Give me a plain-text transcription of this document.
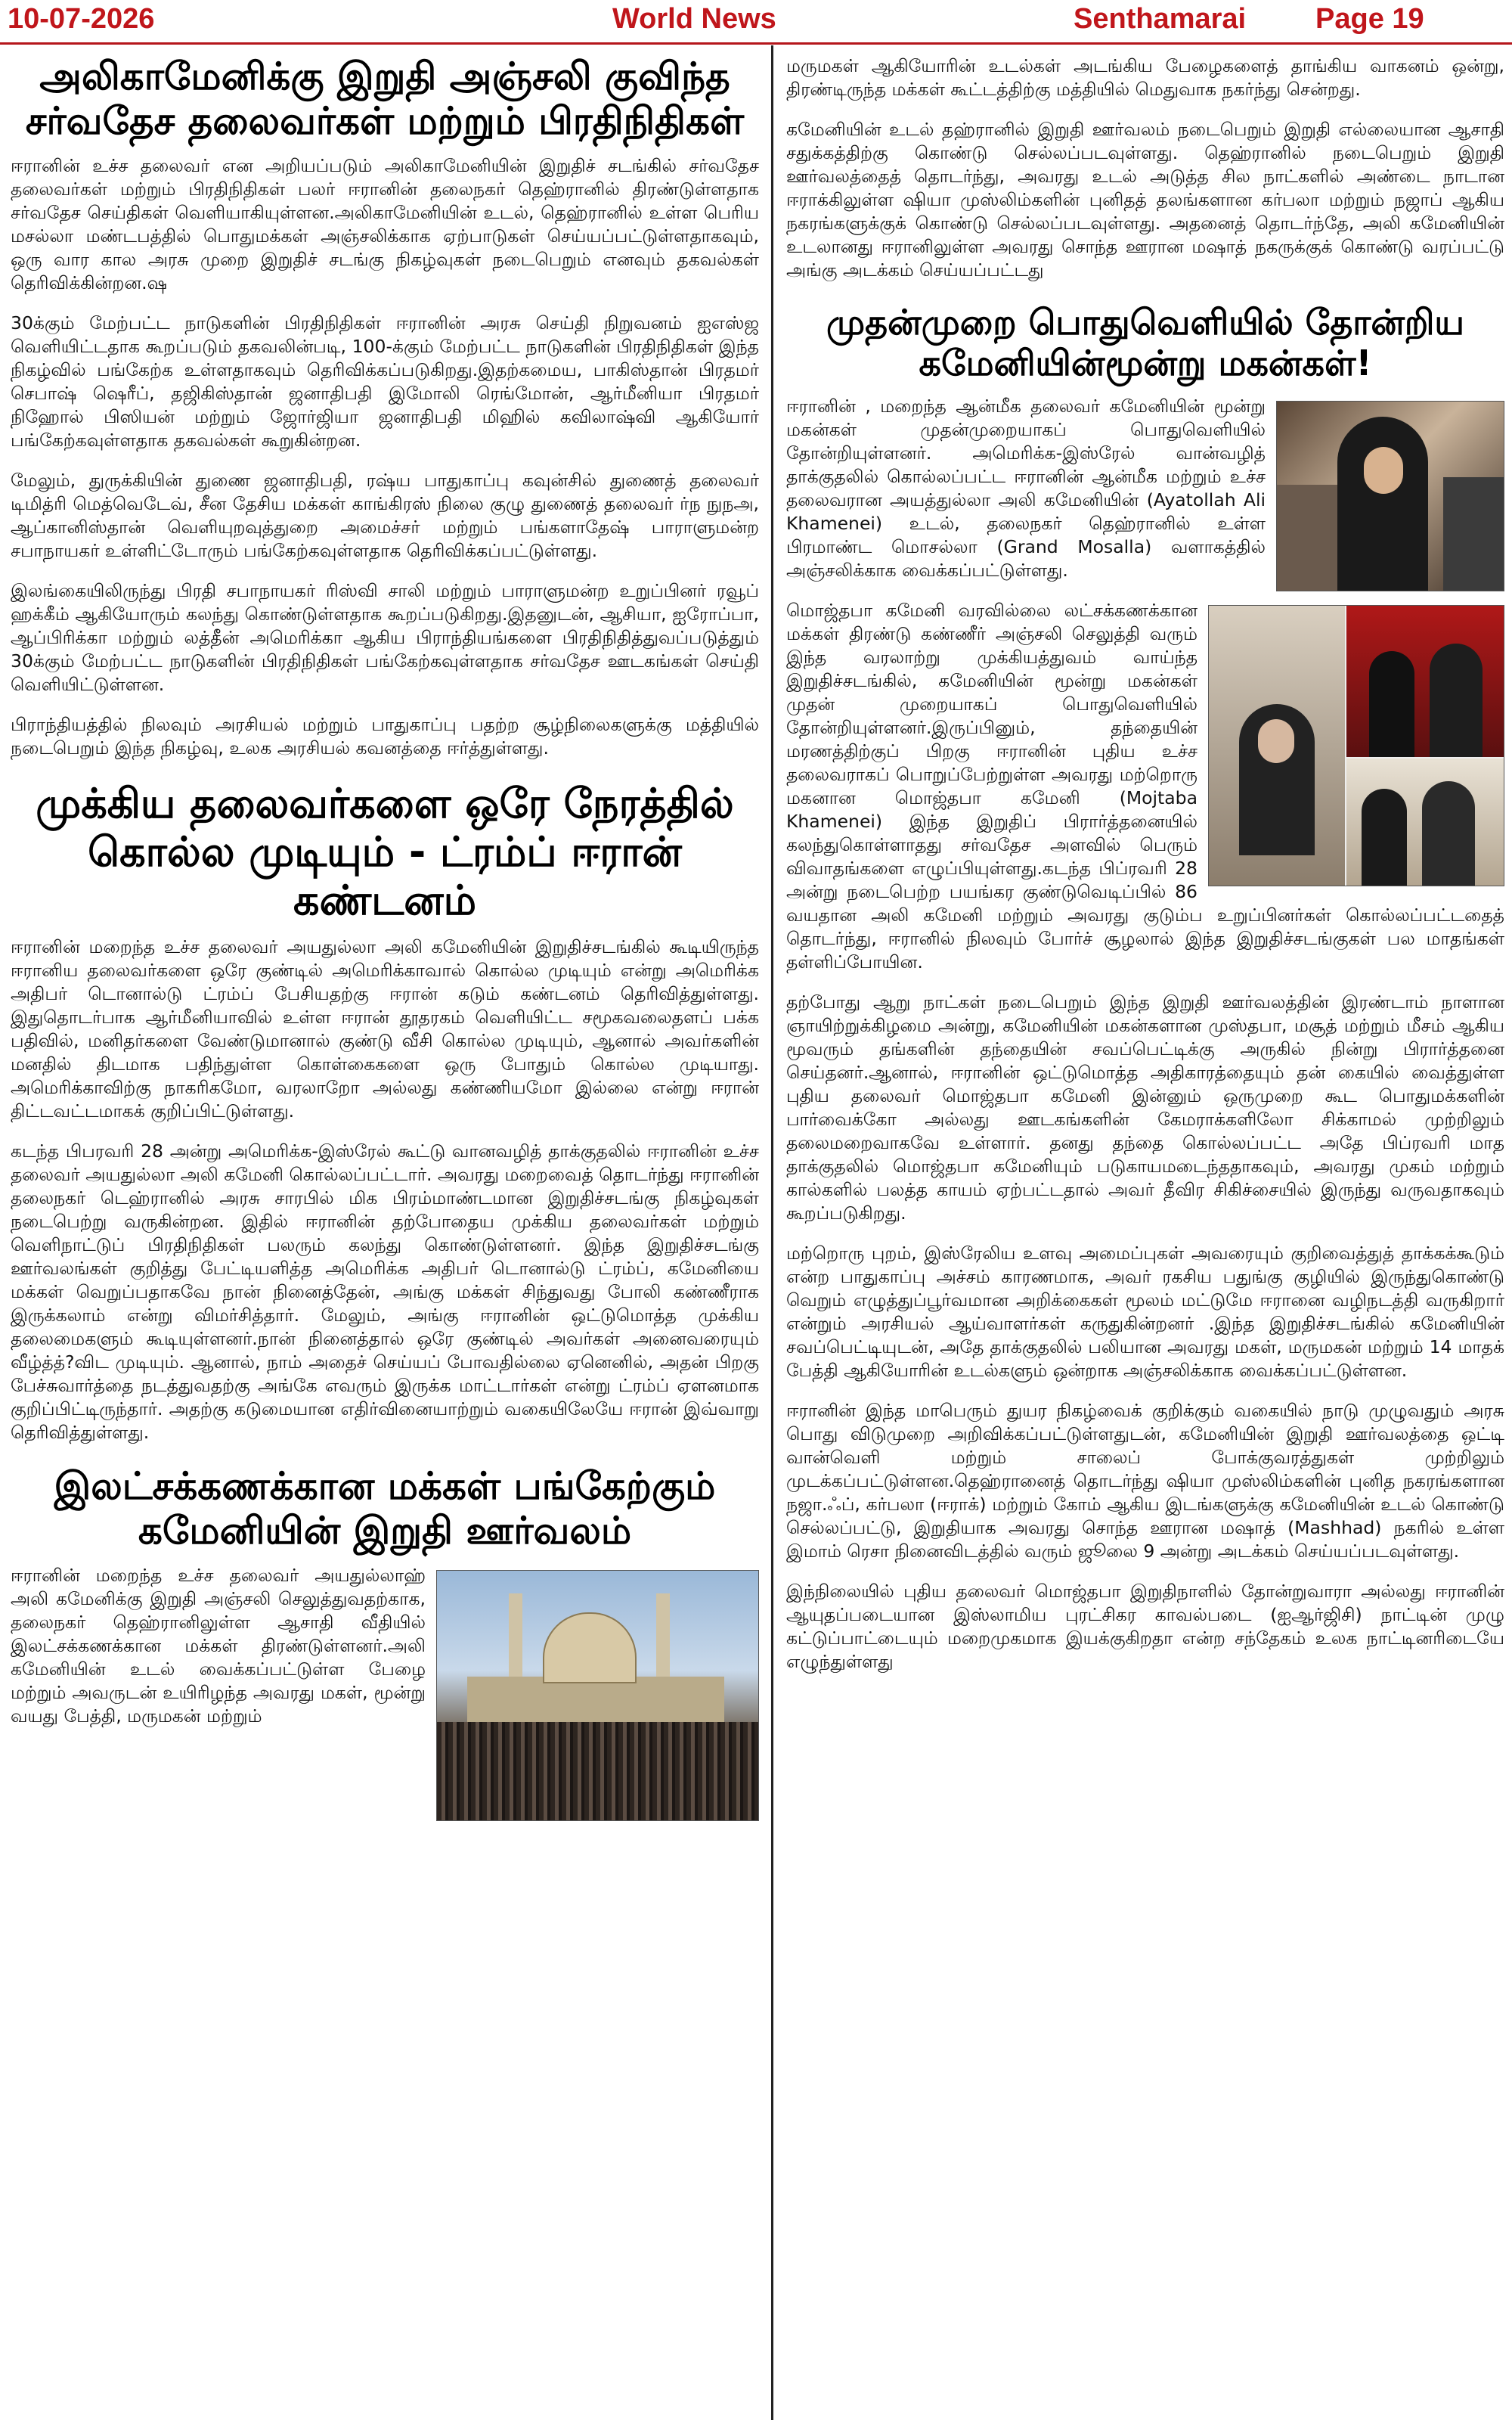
10-07-2026	World News	Senthamarai Page 19
அலிகாமேனிக்கு இறுதி அஞ்சலி குவிந்த சர்வதேச தலைவர்கள் மற்றும் பிரதிநிதிகள்

ஈரானின் உச்ச தலைவர் என அறியப்படும் அலிகாமேனியின் இறுதிச் சடங்கில் சர்வதேச தலைவர்கள் மற்றும் பிரதிநிதிகள் பலர் ஈரானின் தலைநகர் தெஹ்ரானில் திரண்டுள்ளதாக சர்வதேச செய்திகள் வெளியாகியுள்ளன.அலிகாமேனியின் உடல், தெஹ்ரானில் உள்ள பெரிய மசல்லா மண்டபத்தில் பொதுமக்கள் அஞ்சலிக்காக ஏற்பாடுகள் செய்யப்பட்டுள்ளதாகவும், ஒரு வார கால அரசு முறை இறுதிச் சடங்கு நிகழ்வுகள் நடைபெறும் எனவும் தகவல்கள் தெரிவிக்கின்றன.ஷ

30க்கும் மேற்பட்ட நாடுகளின் பிரதிநிதிகள் ஈரானின் அரசு செய்தி நிறுவனம் ஐஎஸ்ஜ வெளியிட்டதாக கூறப்படும் தகவலின்படி, 100-க்கும் மேற்பட்ட நாடுகளின் பிரதிநிதிகள் இந்த நிகழ்வில் பங்கேற்க உள்ளதாகவும் தெரிவிக்கப்படுகிறது.இதற்கமைய, பாகிஸ்தான் பிரதமர் செபாஷ் ஷெரீப், தஜிகிஸ்தான் ஜனாதிபதி இமோலி ரெங்மோன், ஆர்மீனியா பிரதமர் நிஹோல் பிஸியன் மற்றும் ஜோர்ஜியா ஜனாதிபதி மிஹில் கவிலாஷ்வி ஆகியோர் பங்கேற்கவுள்ளதாக தகவல்கள் கூறுகின்றன.

மேலும், துருக்கியின் துணை ஜனாதிபதி, ரஷ்ய பாதுகாப்பு கவுன்சில் துணைத் தலைவர் டிமித்ரி மெத்வெடேவ், சீன தேசிய மக்கள் காங்கிரஸ் நிலை குழு துணைத் தலைவர் ர்ந நுநஅ, ஆப்கானிஸ்தான் வெளியுறவுத்துறை அமைச்சர் மற்றும் பங்களாதேஷ் பாராளுமன்ற சபாநாயகர் உள்ளிட்டோரும் பங்கேற்கவுள்ளதாக தெரிவிக்கப்பட்டுள்ளது.

இலங்கையிலிருந்து பிரதி சபாநாயகர் ரிஸ்வி சாலி மற்றும் பாராளுமன்ற உறுப்பினர் ரவூப் ஹக்கீம் ஆகியோரும் கலந்து கொண்டுள்ளதாக கூறப்படுகிறது.இதனுடன், ஆசியா, ஐரோப்பா, ஆப்பிரிக்கா மற்றும் லத்தீன் அமெரிக்கா ஆகிய பிராந்தியங்களை பிரதிநிதித்துவப்படுத்தும் 30க்கும் மேற்பட்ட நாடுகளின் பிரதிநிதிகள் பங்கேற்கவுள்ளதாக சர்வதேச ஊடகங்கள் செய்தி வெளியிட்டுள்ளன.

பிராந்தியத்தில் நிலவும் அரசியல் மற்றும் பாதுகாப்பு பதற்ற சூழ்நிலைகளுக்கு மத்தியில் நடைபெறும் இந்த நிகழ்வு, உலக அரசியல் கவனத்தை ஈர்த்துள்ளது.

முக்கிய தலைவர்களை ஒரே நேரத்தில் கொல்ல முடியும் - ட்ரம்ப் ஈரான் கண்டனம்

ஈரானின் மறைந்த உச்ச தலைவர் அயதுல்லா அலி கமேனியின் இறுதிச்சடங்கில் கூடியிருந்த ஈரானிய தலைவர்களை ஒரே குண்டில் அமெரிக்காவால் கொல்ல முடியும் என்று அமெரிக்க அதிபர் டொனால்டு ட்ரம்ப் பேசியதற்கு ஈரான் கடும் கண்டனம் தெரிவித்துள்ளது. இதுதொடர்பாக ஆர்மீனியாவில் உள்ள ஈரான் தூதரகம் வெளியிட்ட சமூகவலைதளப் பக்க பதிவில், மனிதர்களை வேண்டுமானால் குண்டு வீசி கொல்ல முடியும், ஆனால் அவர்களின் மனதில் திடமாக பதிந்துள்ள கொள்கைகளை ஒரு போதும் கொல்ல முடியாது. அமெரிக்காவிற்கு நாகரிகமோ, வரலாறோ அல்லது கண்ணியமோ இல்லை என்று ஈரான் திட்டவட்டமாகக் குறிப்பிட்டுள்ளது.

கடந்த பிபரவரி 28 அன்று அமெரிக்க-இஸ்ரேல் கூட்டு வானவழித் தாக்குதலில் ஈரானின் உச்ச தலைவர் அயதுல்லா அலி கமேனி கொல்லப்பட்டார். அவரது மறைவைத் தொடர்ந்து ஈரானின் தலைநகர் டெஹ்ரானில் அரசு சாரபில் மிக பிரம்மாண்டமான இறுதிச்சடங்கு நிகழ்வுகள் நடைபெற்று வருகின்றன. இதில் ஈரானின் தற்போதைய முக்கிய தலைவர்கள் மற்றும் வெளிநாட்டுப் பிரதிநிதிகள் பலரும் கலந்து கொண்டுள்ளனர். இந்த இறுதிச்சடங்கு ஊர்வலங்கள் குறித்து பேட்டியளித்த அமெரிக்க அதிபர் டொனால்டு ட்ரம்ப், கமேனியை மக்கள் வெறுப்பதாகவே நான் நினைத்தேன், அங்கு மக்கள் சிந்துவது போலி கண்ணீராக இருக்கலாம் என்று விமர்சித்தார். மேலும், அங்கு ஈரானின் ஒட்டுமொத்த முக்கிய தலைமைகளும் கூடியுள்ளனர்.நான் நினைத்தால் ஒரே குண்டில் அவர்கள் அனைவரையும் வீழ்த்த்?விட முடியும். ஆனால், நாம் அதைச் செய்யப் போவதில்லை ஏனெனில், அதன் பிறகு பேச்சுவார்த்தை நடத்துவதற்கு அங்கே எவரும் இருக்க மாட்டார்கள் என்று ட்ரம்ப் ஏளனமாக குறிப்பிட்டிருந்தார். அதற்கு கடுமையான எதிர்வினையாற்றும் வகையிலேயே ஈரான் இவ்வாறு தெரிவித்துள்ளது.

இலட்சக்கணக்கான மக்கள் பங்கேற்கும் கமேனியின் இறுதி ஊர்வலம்

ஈரானின் மறைந்த உச்ச தலைவர் அயதுல்லாஹ் அலி கமேனிக்கு இறுதி அஞ்சலி செலுத்துவதற்காக, தலைநகர் தெஹ்ரானிலுள்ள ஆசாதி வீதியில் இலட்சக்கணக்கான மக்கள் திரண்டுள்ளனர்.அலி கமேனியின் உடல் வைக்கப்பட்டுள்ள பேழை மற்றும் அவருடன் உயிரிழந்த அவரது மகள், மூன்று வயது பேத்தி, மருமகன் மற்றும்

மருமகள் ஆகியோரின் உடல்கள் அடங்கிய பேழைகளைத் தாங்கிய வாகனம் ஒன்று, திரண்டிருந்த மக்கள் கூட்டத்திற்கு மத்தியில் மெதுவாக நகர்ந்து சென்றது.

கமேனியின் உடல் தஹ்ரானில் இறுதி ஊர்வலம் நடைபெறும் இறுதி எல்லையான ஆசாதி சதுக்கத்திற்கு கொண்டு செல்லப்படவுள்ளது. தெஹ்ரானில் நடைபெறும் இறுதி ஊர்வலத்தைத் தொடர்ந்து, அவரது உடல் அடுத்த சில நாட்களில் அண்டை நாடான ஈராக்கிலுள்ள ஷியா முஸ்லிம்களின் புனிதத் தலங்களான கர்பலா மற்றும் நஜாப் ஆகிய நகரங்களுக்குக் கொண்டு செல்லப்படவுள்ளது. அதனைத் தொடர்ந்தே, அலி கமேனியின் உடலானது ஈரானிலுள்ள அவரது சொந்த ஊரான மஷாத் நகருக்குக் கொண்டு வரப்பட்டு அங்கு அடக்கம் செய்யப்பட்டது

முதன்முறை பொதுவெளியில் தோன்றிய கமேனியின்மூன்று மகன்கள்!

ஈரானின் , மறைந்த ஆன்மீக தலைவர் கமேனியின் மூன்று மகன்கள் முதன்முறையாகப் பொதுவெளியில் தோன்றியுள்ளனர். அமெரிக்க-இஸ்ரேல் வான்வழித் தாக்குதலில் கொல்லப்பட்ட ஈரானின் ஆன்மீக மற்றும் உச்ச தலைவரான அயத்துல்லா அலி கமேனியின் (Ayatollah Ali Khamenei) உடல், தலைநகர் தெஹ்ரானில் உள்ள பிரமாண்ட மொசல்லா (Grand Mosalla) வளாகத்தில் அஞ்சலிக்காக வைக்கப்பட்டுள்ளது.

மொஜ்தபா கமேனி வரவில்லை லட்சக்கணக்கான மக்கள் திரண்டு கண்ணீர் அஞ்சலி செலுத்தி வரும் இந்த வரலாற்று முக்கியத்துவம் வாய்ந்த இறுதிச்சடங்கில், கமேனியின் மூன்று மகன்கள் முதன் முறையாகப் பொதுவெளியில் தோன்றியுள்ளனர்.இருப்பினும், தந்தையின் மரணத்திற்குப் பிறகு ஈரானின் புதிய உச்ச தலைவராகப் பொறுப்பேற்றுள்ள அவரது மற்றொரு மகனான மொஜ்தபா கமேனி (Mojtaba Khamenei) இந்த இறுதிப் பிரார்த்தனையில் கலந்துகொள்ளாதது சர்வதேச அளவில் பெரும் விவாதங்களை எழுப்பியுள்ளது.கடந்த பிப்ரவரி 28 அன்று நடைபெற்ற பயங்கர குண்டுவெடிப்பில் 86 வயதான அலி கமேனி மற்றும் அவரது குடும்ப உறுப்பினர்கள் கொல்லப்பட்டதைத் தொடர்ந்து, ஈரானில் நிலவும் போர்ச் சூழலால் இந்த இறுதிச்சடங்குகள் பல மாதங்கள் தள்ளிப்போயின.

தற்போது ஆறு நாட்கள் நடைபெறும் இந்த இறுதி ஊர்வலத்தின் இரண்டாம் நாளான ஞாயிற்றுக்கிழமை அன்று, கமேனியின் மகன்களான முஸ்தபா, மசூத் மற்றும் மீசம் ஆகிய மூவரும் தங்களின் தந்தையின் சவப்பெட்டிக்கு அருகில் நின்று பிரார்த்தனை செய்தனர்.ஆனால், ஈரானின் ஒட்டுமொத்த அதிகாரத்தையும் தன் கையில் வைத்துள்ள புதிய தலைவர் மொஜ்தபா கமேனி இன்னும் ஒருமுறை கூட பொதுமக்களின் பார்வைக்கோ அல்லது ஊடகங்களின் கேமராக்களிலோ சிக்காமல் முற்றிலும் தலைமறைவாகவே உள்ளார். தனது தந்தை கொல்லப்பட்ட அதே பிப்ரவரி மாத தாக்குதலில் மொஜ்தபா கமேனியும் படுகாயமடைந்ததாகவும், அவரது முகம் மற்றும் கால்களில் பலத்த காயம் ஏற்பட்டதால் அவர் தீவிர சிகிச்சையில் இருந்து வருவதாகவும் கூறப்படுகிறது.

மற்றொரு புறம், இஸ்ரேலிய உளவு அமைப்புகள் அவரையும் குறிவைத்துத் தாக்கக்கூடும் என்ற பாதுகாப்பு அச்சம் காரணமாக, அவர் ரகசிய பதுங்கு குழியில் இருந்துகொண்டு வெறும் எழுத்துப்பூர்வமான அறிக்கைகள் மூலம் மட்டுமே ஈரானை வழிநடத்தி வருகிறார் என்றும் அரசியல் ஆய்வாளர்கள் கருதுகின்றனர் .இந்த இறுதிச்சடங்கில் கமேனியின் சவப்பெட்டியுடன், அதே தாக்குதலில் பலியான அவரது மகள், மருமகன் மற்றும் 14 மாதக் பேத்தி ஆகியோரின் உடல்களும் ஒன்றாக அஞ்சலிக்காக வைக்கப்பட்டுள்ளன.

ஈரானின் இந்த மாபெரும் துயர நிகழ்வைக் குறிக்கும் வகையில் நாடு முழுவதும் அரசு பொது விடுமுறை அறிவிக்கப்பட்டுள்ளதுடன், கமேனியின் இறுதி ஊர்வலத்தை ஒட்டி வான்வெளி மற்றும் சாலைப் போக்குவரத்துகள் முற்றிலும் முடக்கப்பட்டுள்ளன.தெஹ்ரானைத் தொடர்ந்து ஷியா முஸ்லிம்களின் புனித நகரங்களான நஜா.ஃப், கர்பலா (ஈராக்) மற்றும் கோம் ஆகிய இடங்களுக்கு கமேனியின் உடல் கொண்டு செல்லப்பட்டு, இறுதியாக அவரது சொந்த ஊரான மஷாத் (Mashhad) நகரில் உள்ள இமாம் ரெசா நினைவிடத்தில் வரும் ஜூலை 9 அன்று அடக்கம் செய்யப்படவுள்ளது.

இந்நிலையில் புதிய தலைவர் மொஜ்தபா இறுதிநாளில் தோன்றுவாரா அல்லது ஈரானின் ஆயுதப்படையான இஸ்லாமிய புரட்சிகர காவல்படை (ஐஆர்ஜிசி) நாட்டின் முழு கட்டுப்பாட்டையும் மறைமுகமாக இயக்குகிறதா என்ற சந்தேகம் உலக நாட்டினரிடையே எழுந்துள்ளது
